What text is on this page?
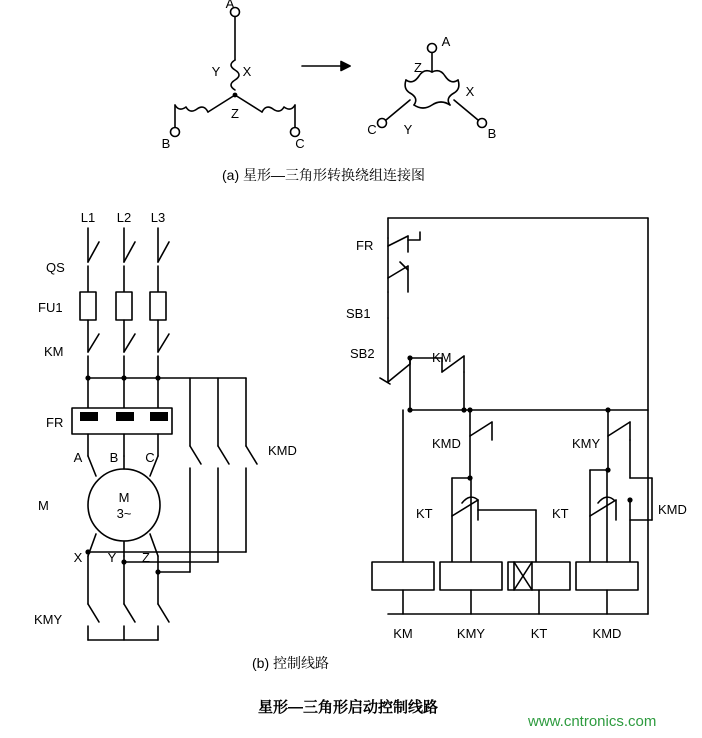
A
B	C
X
Y
Z
A
B
C
X
Y
Z
(a) 星形—三角形转换绕组连接图
L1 L2 L3
QS
FU1
KM
FR
M
KMY
KMD
A B C
X Y Z
M
3~
FR
SB1
SB2	KM
KMD	KMY
KT	KT	KMD
KM	KMY	KT	KMD
(b) 控制线路
星形—三角形启动控制线路
www.cntronics.com
